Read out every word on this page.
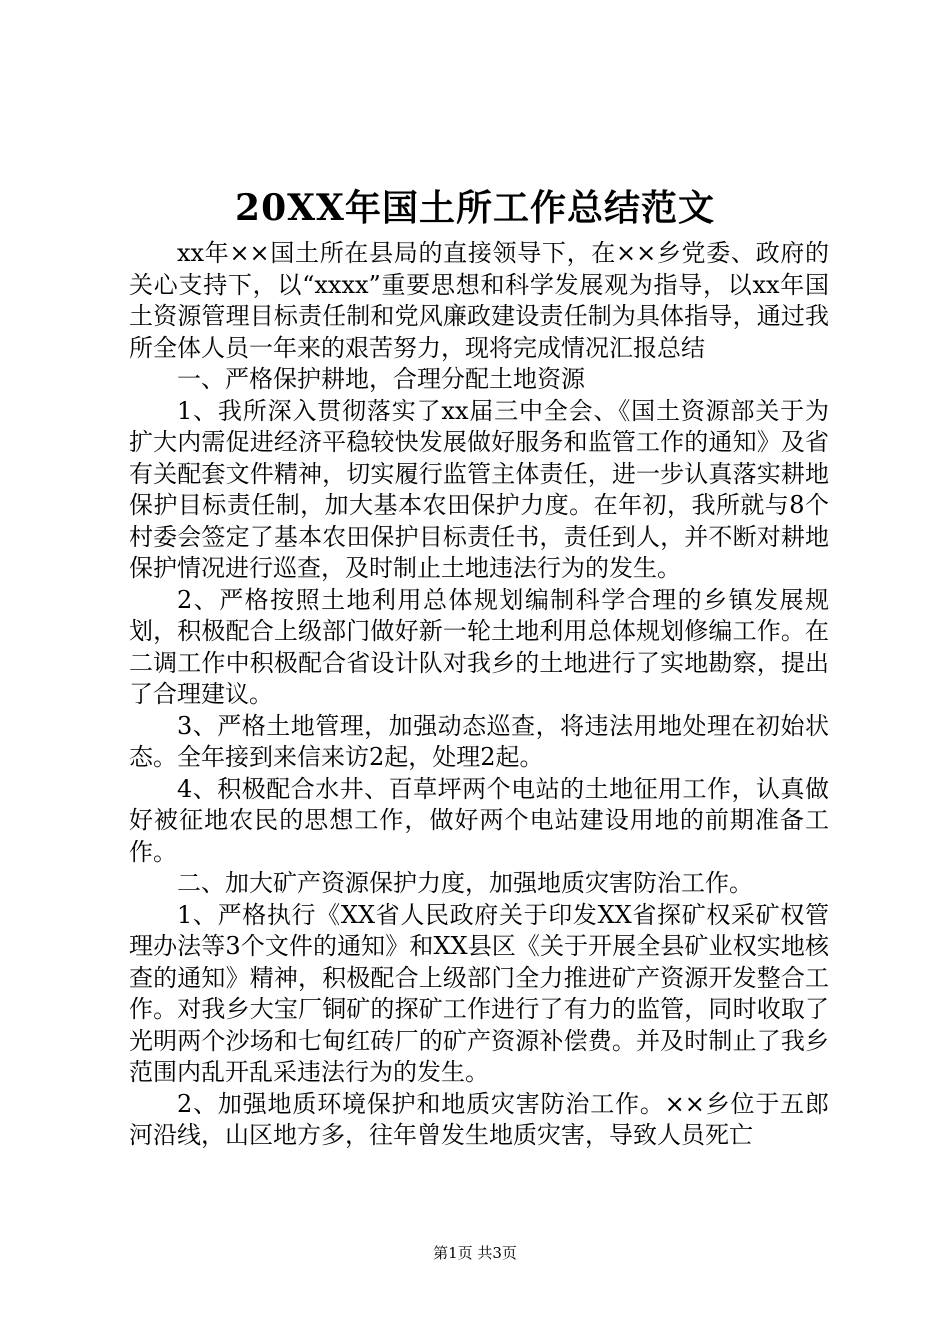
20XX年国土所工作总结范文

xx年××国土所在县局的直接领导下，在××乡党委、政府的关心支持下，以“xxxx”重要思想和科学发展观为指导，以xx年国土资源管理目标责任制和党风廉政建设责任制为具体指导，通过我所全体人员一年来的艰苦努力，现将完成情况汇报总结

一、严格保护耕地，合理分配土地资源

1、我所深入贯彻落实了xx届三中全会、《国土资源部关于为扩大内需促进经济平稳较快发展做好服务和监管工作的通知》及省有关配套文件精神，切实履行监管主体责任，进一步认真落实耕地保护目标责任制，加大基本农田保护力度。在年初，我所就与8个村委会签定了基本农田保护目标责任书，责任到人，并不断对耕地保护情况进行巡查，及时制止土地违法行为的发生。

2、严格按照土地利用总体规划编制科学合理的乡镇发展规划，积极配合上级部门做好新一轮土地利用总体规划修编工作。在二调工作中积极配合省设计队对我乡的土地进行了实地勘察，提出了合理建议。

3、严格土地管理，加强动态巡查，将违法用地处理在初始状态。全年接到来信来访2起，处理2起。

4、积极配合水井、百草坪两个电站的土地征用工作，认真做好被征地农民的思想工作，做好两个电站建设用地的前期准备工作。

二、加大矿产资源保护力度，加强地质灾害防治工作。

1、严格执行《XX省人民政府关于印发XX省探矿权采矿权管理办法等3个文件的通知》和XX县区《关于开展全县矿业权实地核查的通知》精神，积极配合上级部门全力推进矿产资源开发整合工作。对我乡大宝厂铜矿的探矿工作进行了有力的监管，同时收取了光明两个沙场和七甸红砖厂的矿产资源补偿费。并及时制止了我乡范围内乱开乱采违法行为的发生。

2、加强地质环境保护和地质灾害防治工作。××乡位于五郎河沿线，山区地方多，往年曾发生地质灾害，导致人员死亡

第1页 共3页
